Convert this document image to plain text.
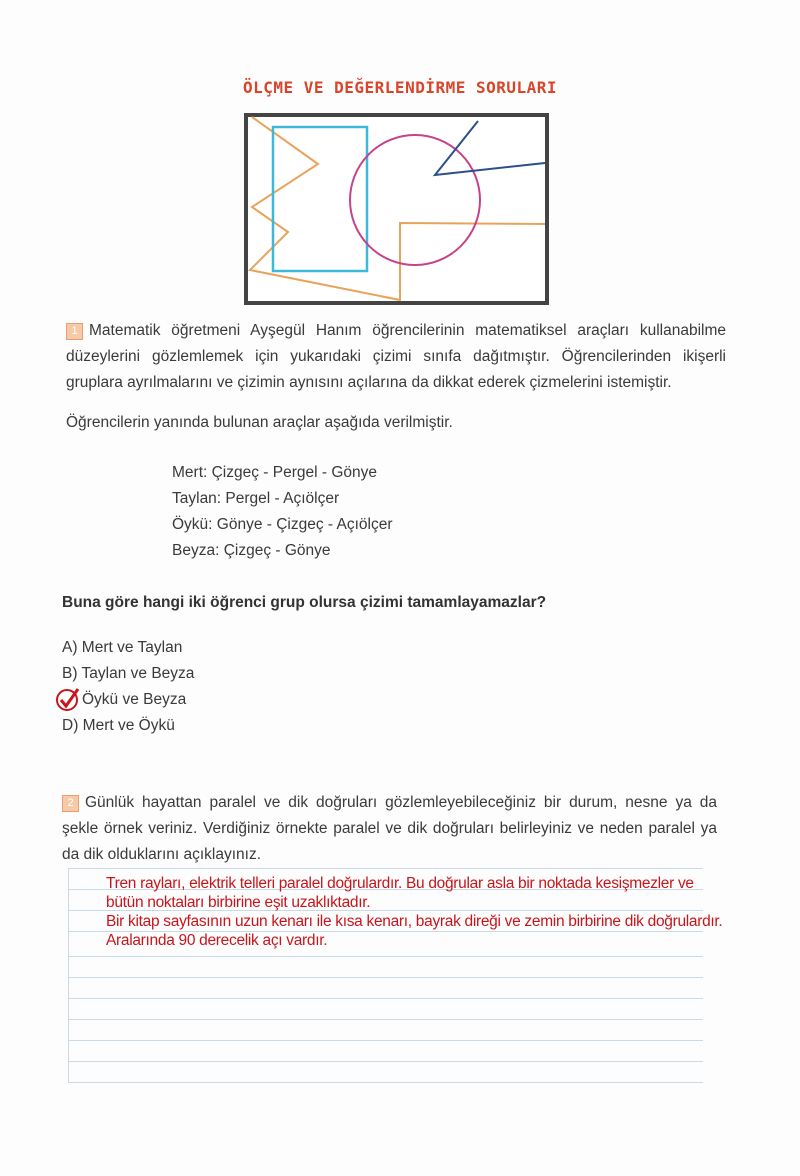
ÖLÇME VE DEĞERLENDİRME SORULARI
1 Matematik öğretmeni Ayşegül Hanım öğrencilerinin matematiksel araçları kullanabilme düzeylerini gözlemlemek için yukarıdaki çizimi sınıfa dağıtmıştır. Öğrencilerinden ikişerli gruplara ayrılmalarını ve çizimin aynısını açılarına da dikkat ederek çizmelerini istemiştir.
Öğrencilerin yanında bulunan araçlar aşağıda verilmiştir.
Mert: Çizgeç - Pergel - Gönye
Taylan: Pergel - Açıölçer
Öykü: Gönye - Çizgeç - Açıölçer
Beyza: Çizgeç - Gönye
Buna göre hangi iki öğrenci grup olursa çizimi tamamlayamazlar?
A) Mert ve Taylan
B) Taylan ve Beyza
Öykü ve Beyza
D) Mert ve Öykü
2 Günlük hayattan paralel ve dik doğruları gözlemleyebileceğiniz bir durum, nesne ya da şekle örnek veriniz. Verdiğiniz örnekte paralel ve dik doğruları belirleyiniz ve neden paralel ya da dik olduklarını açıklayınız.
Tren rayları, elektrik telleri paralel doğrulardır. Bu doğrular asla bir noktada kesişmezler ve
bütün noktaları birbirine eşit uzaklıktadır.
Bir kitap sayfasının uzun kenarı ile kısa kenarı, bayrak direği ve zemin birbirine dik doğrulardır.
Aralarında 90 derecelik açı vardır.
